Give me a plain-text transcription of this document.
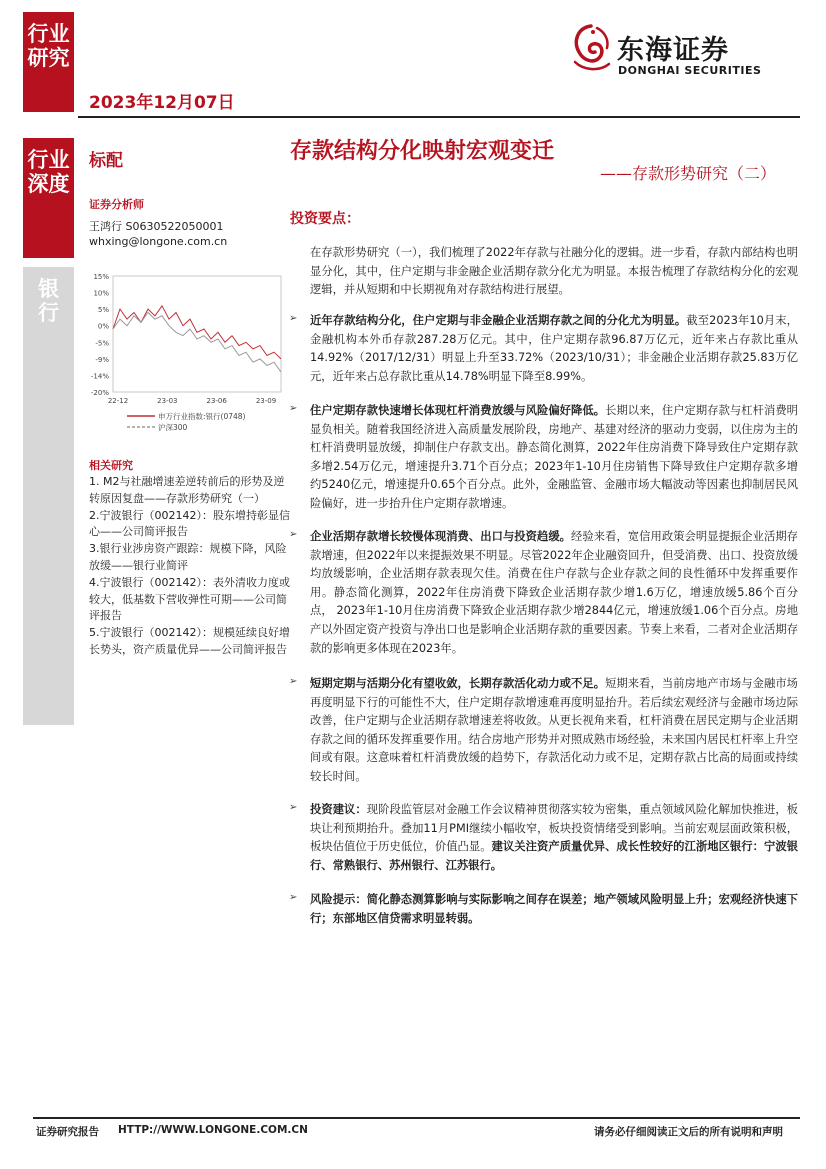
行业
研究
行业
深度
银
行
2023年12月07日
东海证券
DONGHAI SECURITIES
标配
证券分析师
王鸿行 S0630522050001
whxing@longone.com.cn
15%
10%
5%
0%
-5%
-9%
-14%
-20%
22-12	23-03	23-06	23-09
申万行业指数:银行(0748)
沪深300
相关研究
1. M2与社融增速差逆转前后的形势及逆转原因复盘——存款形势研究（一）
2.宁波银行（002142）：股东增持彰显信心——公司简评报告
3.银行业涉房资产跟踪：规模下降，风险放缓——银行业简评
4.宁波银行（002142）：表外清收力度或较大，低基数下营收弹性可期——公司简评报告
5.宁波银行（002142）：规模延续良好增长势头，资产质量优异——公司简评报告
存款结构分化映射宏观变迁
——存款形势研究（二）
投资要点：

在存款形势研究（一），我们梳理了2022年存款与社融分化的逻辑。进一步看，存款内部结构也明显分化，其中，住户定期与非金融企业活期存款分化尤为明显。本报告梳理了存款结构分化的宏观逻辑，并从短期和中长期视角对存款结构进行展望。

➢ 近年存款结构分化，住户定期与非金融企业活期存款之间的分化尤为明显。截至2023年10月末，金融机构本外币存款287.28万亿元。其中，住户定期存款96.87万亿元，近年来占存款比重从14.92%（2017/12/31）明显上升至33.72%（2023/10/31）；非金融企业活期存款25.83万亿元，近年来占总存款比重从14.78%明显下降至8.99%。

➢ 住户定期存款快速增长体现杠杆消费放缓与风险偏好降低。长期以来，住户定期存款与杠杆消费明显负相关。随着我国经济进入高质量发展阶段，房地产、基建对经济的驱动力变弱，以住房为主的杠杆消费明显放缓，抑制住户存款支出。静态简化测算，2022年住房消费下降导致住户定期存款多增2.54万亿元，增速提升3.71个百分点；2023年1-10月住房销售下降导致住户定期存款多增约5240亿元，增速提升0.65个百分点。此外，金融监管、金融市场大幅波动等因素也抑制居民风险偏好，进一步抬升住户定期存款增速。

➢ 企业活期存款增长较慢体现消费、出口与投资趋缓。经验来看，宽信用政策会明显提振企业活期存款增速，但2022年以来提振效果不明显。尽管2022年企业融资回升，但受消费、出口、投资放缓均放缓影响，企业活期存款表现欠佳。消费在住户存款与企业存款之间的良性循环中发挥重要作用。静态简化测算，2022年住房消费下降致企业活期存款少增1.6万亿，增速放缓5.86个百分点， 2023年1-10月住房消费下降致企业活期存款少增2844亿元，增速放缓1.06个百分点。房地产以外固定资产投资与净出口也是影响企业活期存款的重要因素。节奏上来看，二者对企业活期存款的影响更多体现在2023年。

➢ 短期定期与活期分化有望收敛，长期存款活化动力或不足。短期来看，当前房地产市场与金融市场再度明显下行的可能性不大，住户定期存款增速难再度明显抬升。若后续宏观经济与金融市场边际改善，住户定期与企业活期存款增速差将收敛。从更长视角来看，杠杆消费在居民定期与企业活期存款之间的循环发挥重要作用。结合房地产形势并对照成熟市场经验，未来国内居民杠杆率上升空间或有限。这意味着杠杆消费放缓的趋势下，存款活化动力或不足，定期存款占比高的局面或持续较长时间。

➢ 投资建议：现阶段监管层对金融工作会议精神贯彻落实较为密集，重点领域风险化解加快推进，板块让利预期抬升。叠加11月PMI继续小幅收窄，板块投资情绪受到影响。当前宏观层面政策积极，板块估值位于历史低位，价值凸显。建议关注资产质量优异、成长性较好的江浙地区银行：宁波银行、常熟银行、苏州银行、江苏银行。

➢ 风险提示：简化静态测算影响与实际影响之间存在误差；地产领域风险明显上升；宏观经济快速下行；东部地区信贷需求明显转弱。

证券研究报告 HTTP://WWW.LONGONE.COM.CN	请务必仔细阅读正文后的所有说明和声明
